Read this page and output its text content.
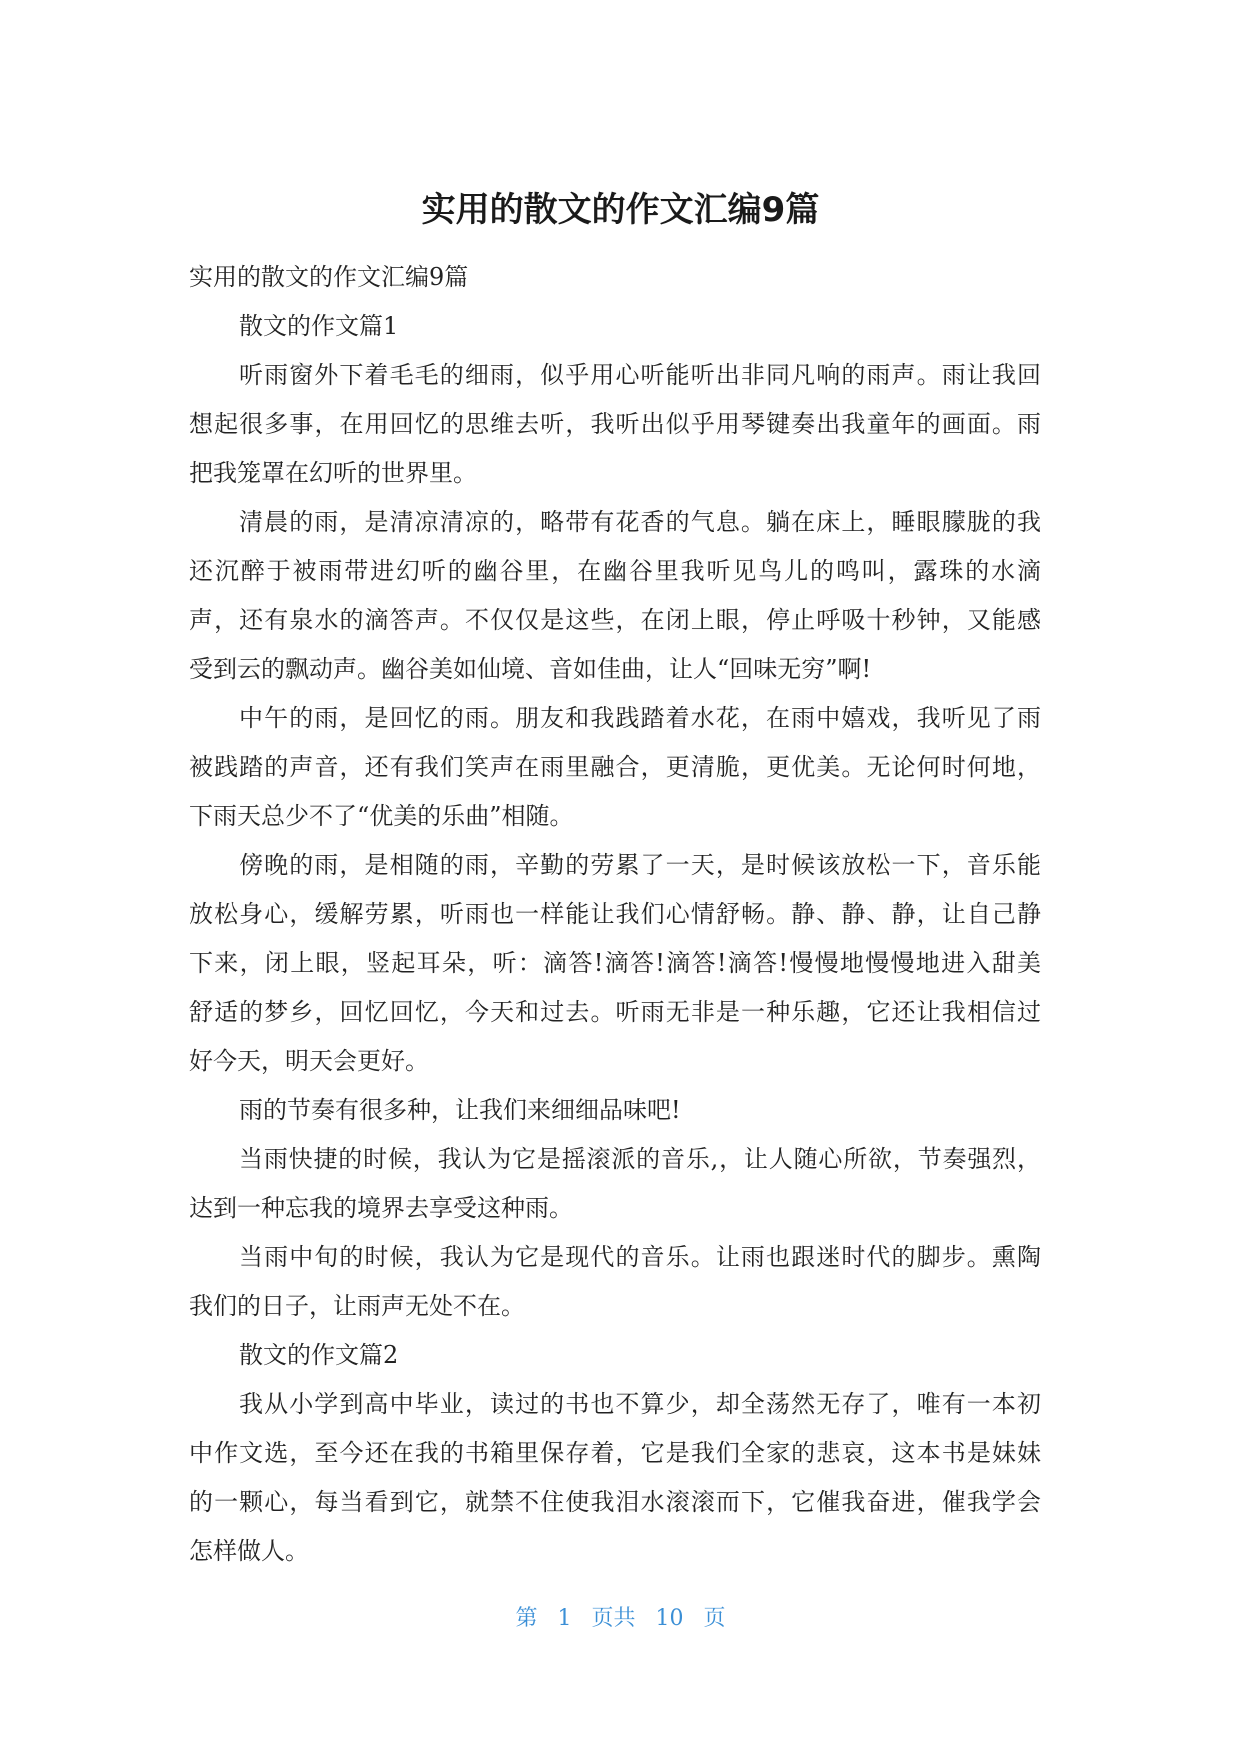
实用的散文的作文汇编9篇

实用的散文的作文汇编9篇

散文的作文篇1

听雨窗外下着毛毛的细雨，似乎用心听能听出非同凡响的雨声。雨让我回

想起很多事，在用回忆的思维去听，我听出似乎用琴键奏出我童年的画面。雨

把我笼罩在幻听的世界里。

清晨的雨，是清凉清凉的，略带有花香的气息。躺在床上，睡眼朦胧的我

还沉醉于被雨带进幻听的幽谷里，在幽谷里我听见鸟儿的鸣叫，露珠的水滴

声，还有泉水的滴答声。不仅仅是这些，在闭上眼，停止呼吸十秒钟，又能感

受到云的飘动声。幽谷美如仙境、音如佳曲，让人“回味无穷”啊!

中午的雨，是回忆的雨。朋友和我践踏着水花，在雨中嬉戏，我听见了雨

被践踏的声音，还有我们笑声在雨里融合，更清脆，更优美。无论何时何地，

下雨天总少不了“优美的乐曲”相随。

傍晚的雨，是相随的雨，辛勤的劳累了一天，是时候该放松一下，音乐能

放松身心，缓解劳累，听雨也一样能让我们心情舒畅。静、静、静，让自己静

下来，闭上眼，竖起耳朵，听：滴答!滴答!滴答!滴答!慢慢地慢慢地进入甜美

舒适的梦乡，回忆回忆，今天和过去。听雨无非是一种乐趣，它还让我相信过

好今天，明天会更好。

雨的节奏有很多种，让我们来细细品味吧!

当雨快捷的时候，我认为它是摇滚派的音乐,，让人随心所欲，节奏强烈，

达到一种忘我的境界去享受这种雨。

当雨中旬的时候，我认为它是现代的音乐。让雨也跟迷时代的脚步。熏陶

我们的日子，让雨声无处不在。

散文的作文篇2

我从小学到高中毕业，读过的书也不算少，却全荡然无存了，唯有一本初

中作文选，至今还在我的书箱里保存着，它是我们全家的悲哀，这本书是妹妹

的一颗心，每当看到它，就禁不住使我泪水滚滚而下，它催我奋进，催我学会

怎样做人。

第 1 页共 10 页
